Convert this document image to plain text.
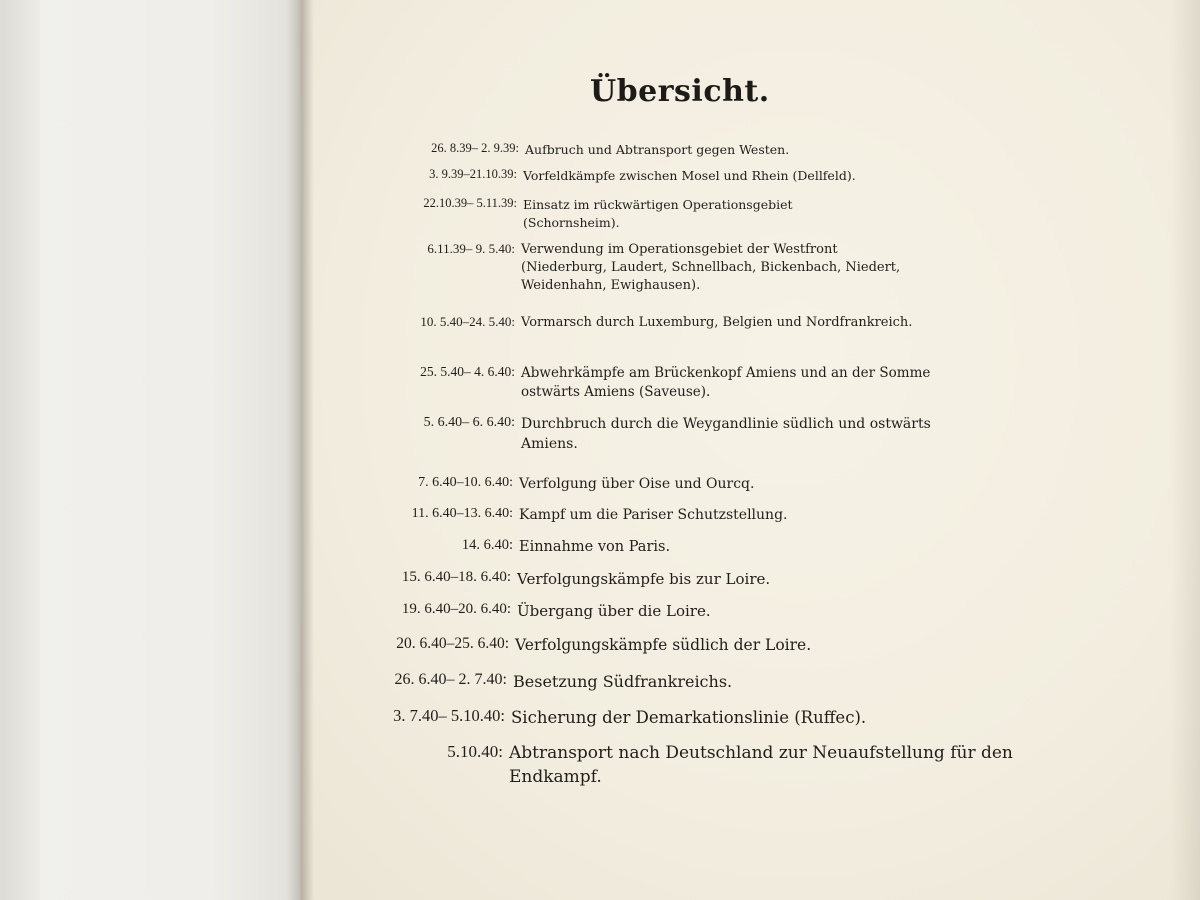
Übersicht.
26. 8.39– 2. 9.39: Aufbruch und Abtransport gegen Westen.
3. 9.39–21.10.39: Vorfeldkämpfe zwischen Mosel und Rhein (Dellfeld).
22.10.39– 5.11.39: Einsatz im rückwärtigen Operationsgebiet (Schornsheim).
6.11.39– 9. 5.40: Verwendung im Operationsgebiet der Westfront (Niederburg, Laudert, Schnellbach, Bickenbach, Niedert, Weidenhahn, Ewighausen).
10. 5.40–24. 5.40: Vormarsch durch Luxemburg, Belgien und Nordfrankreich.
25. 5.40– 4. 6.40: Abwehrkämpfe am Brückenkopf Amiens und an der Somme ostwärts Amiens (Saveuse).
5. 6.40– 6. 6.40: Durchbruch durch die Weygandlinie südlich und ostwärts Amiens.
7. 6.40–10. 6.40: Verfolgung über Oise und Ourcq.
11. 6.40–13. 6.40: Kampf um die Pariser Schutzstellung.
14. 6.40: Einnahme von Paris.
15. 6.40–18. 6.40: Verfolgungskämpfe bis zur Loire.
19. 6.40–20. 6.40: Übergang über die Loire.
20. 6.40–25. 6.40: Verfolgungskämpfe südlich der Loire.
26. 6.40– 2. 7.40: Besetzung Südfrankreichs.
3. 7.40– 5.10.40: Sicherung der Demarkationslinie (Ruffec).
5.10.40: Abtransport nach Deutschland zur Neuaufstellung für den Endkampf.
